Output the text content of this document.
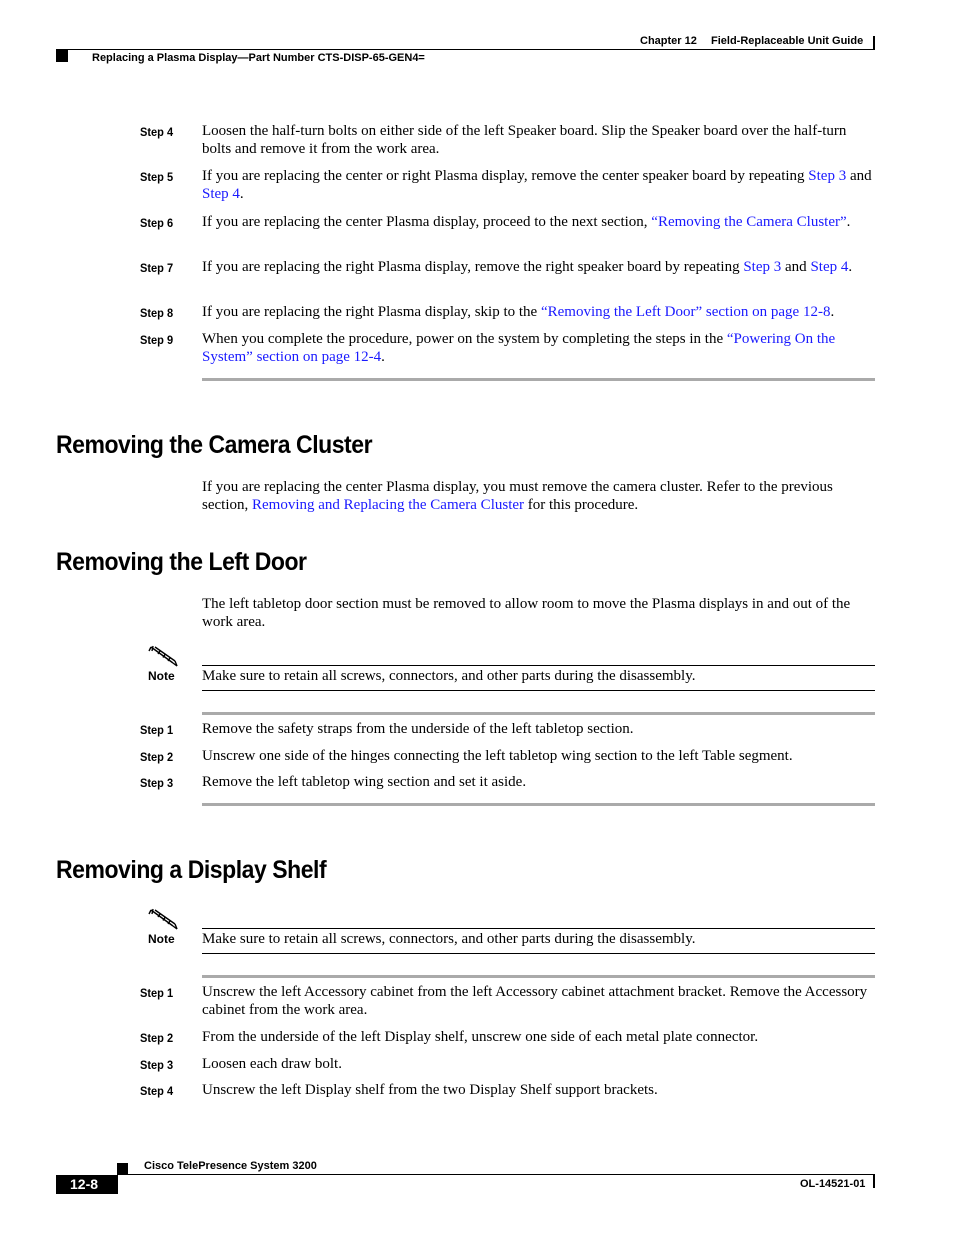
Chapter 12 Field-Replaceable Unit Guide
Replacing a Plasma Display—Part Number CTS-DISP-65-GEN4=
Step 4 Loosen the half-turn bolts on either side of the left Speaker board. Slip the Speaker board over the half-turn bolts and remove it from the work area.
Step 5 If you are replacing the center or right Plasma display, remove the center speaker board by repeating Step 3 and Step 4.
Step 6 If you are replacing the center Plasma display, proceed to the next section, “Removing the Camera Cluster”.
Step 7 If you are replacing the right Plasma display, remove the right speaker board by repeating Step 3 and Step 4.
Step 8 If you are replacing the right Plasma display, skip to the “Removing the Left Door” section on page 12-8.
Step 9 When you complete the procedure, power on the system by completing the steps in the “Powering On the System” section on page 12-4.
Removing the Camera Cluster
If you are replacing the center Plasma display, you must remove the camera cluster. Refer to the previous section, Removing and Replacing the Camera Cluster for this procedure.
Removing the Left Door
The left tabletop door section must be removed to allow room to move the Plasma displays in and out of the work area.
Note Make sure to retain all screws, connectors, and other parts during the disassembly.
Step 1 Remove the safety straps from the underside of the left tabletop section.
Step 2 Unscrew one side of the hinges connecting the left tabletop wing section to the left Table segment.
Step 3 Remove the left tabletop wing section and set it aside.
Removing a Display Shelf
Note Make sure to retain all screws, connectors, and other parts during the disassembly.
Step 1 Unscrew the left Accessory cabinet from the left Accessory cabinet attachment bracket. Remove the Accessory cabinet from the work area.
Step 2 From the underside of the left Display shelf, unscrew one side of each metal plate connector.
Step 3 Loosen each draw bolt.
Step 4 Unscrew the left Display shelf from the two Display Shelf support brackets.
Cisco TelePresence System 3200
12-8	OL-14521-01
